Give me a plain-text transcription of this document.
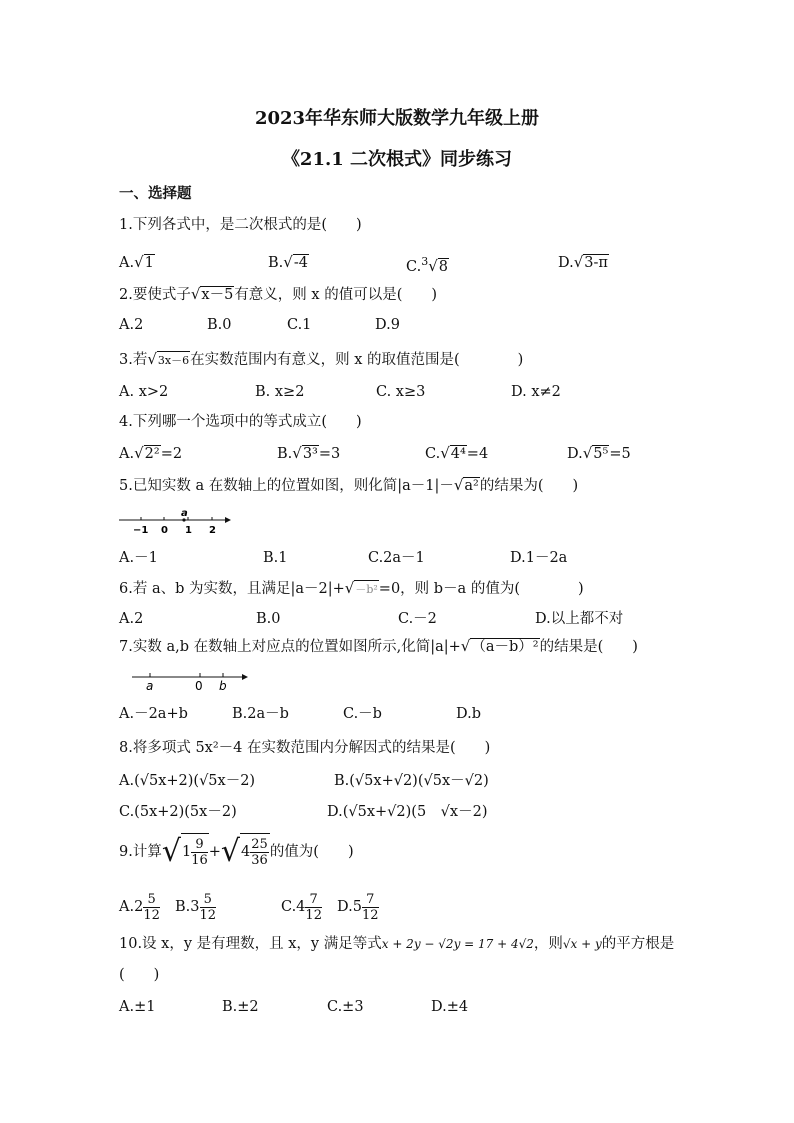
2023年华东师大版数学九年级上册
《21.1 二次根式》同步练习
一、选择题
1.下列各式中，是二次根式的是(　　)
A.√1	B.√-4	C.$^3$√8	D.√3-π
2.要使式子√x－5有意义，则 x 的值可以是(　　)
A.2	B.0	C.1	D.9
3.若√3x－6在实数范围内有意义，则 x 的取值范围是(　　　　)
A. x>2	B. x≥2	C. x≥3	D. x≠2
4.下列哪一个选项中的等式成立(　　)
A.√2²=2	B.√3³=3	C.√4⁴=4	D.√5⁵=5
5.已知实数 a 在数轴上的位置如图，则化简|a－1|－√a²的结果为(　　)
a
−1 0 1 2
A.－1	B.1	C.2a－1	D.1－2a
6.若 a、b 为实数，且满足|a－2|+√－b²=0，则 b－a 的值为(　　　　)
A.2	B.0	C.－2	D.以上都不对
7.实数 a,b 在数轴上对应点的位置如图所示,化简|a|+√（a－b）²的结果是(　　)
a	0 b
A.－2a+b	B.2a－b	C.－b	D.b
8.将多项式 5x²－4 在实数范围内分解因式的结果是(　　)
A.(√5x+2)(√5x－2)	B.(√5x+√2)(√5x－√2)
C.(5x+2)(5x－2)	D.(√5x+√2)(5　√x－2)
9.计算$√1 \frac{9}{16} +√4 \frac{25}{36}$ 的值为(　　)
$A.2 \frac{5}{12} B.3 \frac{5}{12}$	$C.4 \frac{7}{12} D.5 \frac{7}{12}$
10.设 x，y 是有理数，且 x，y 满足等式x + 2y − √2y = 17 + 4√2，则√x + y的平方根是
(　　)
A.±1	B.±2	C.±3	D.±4
